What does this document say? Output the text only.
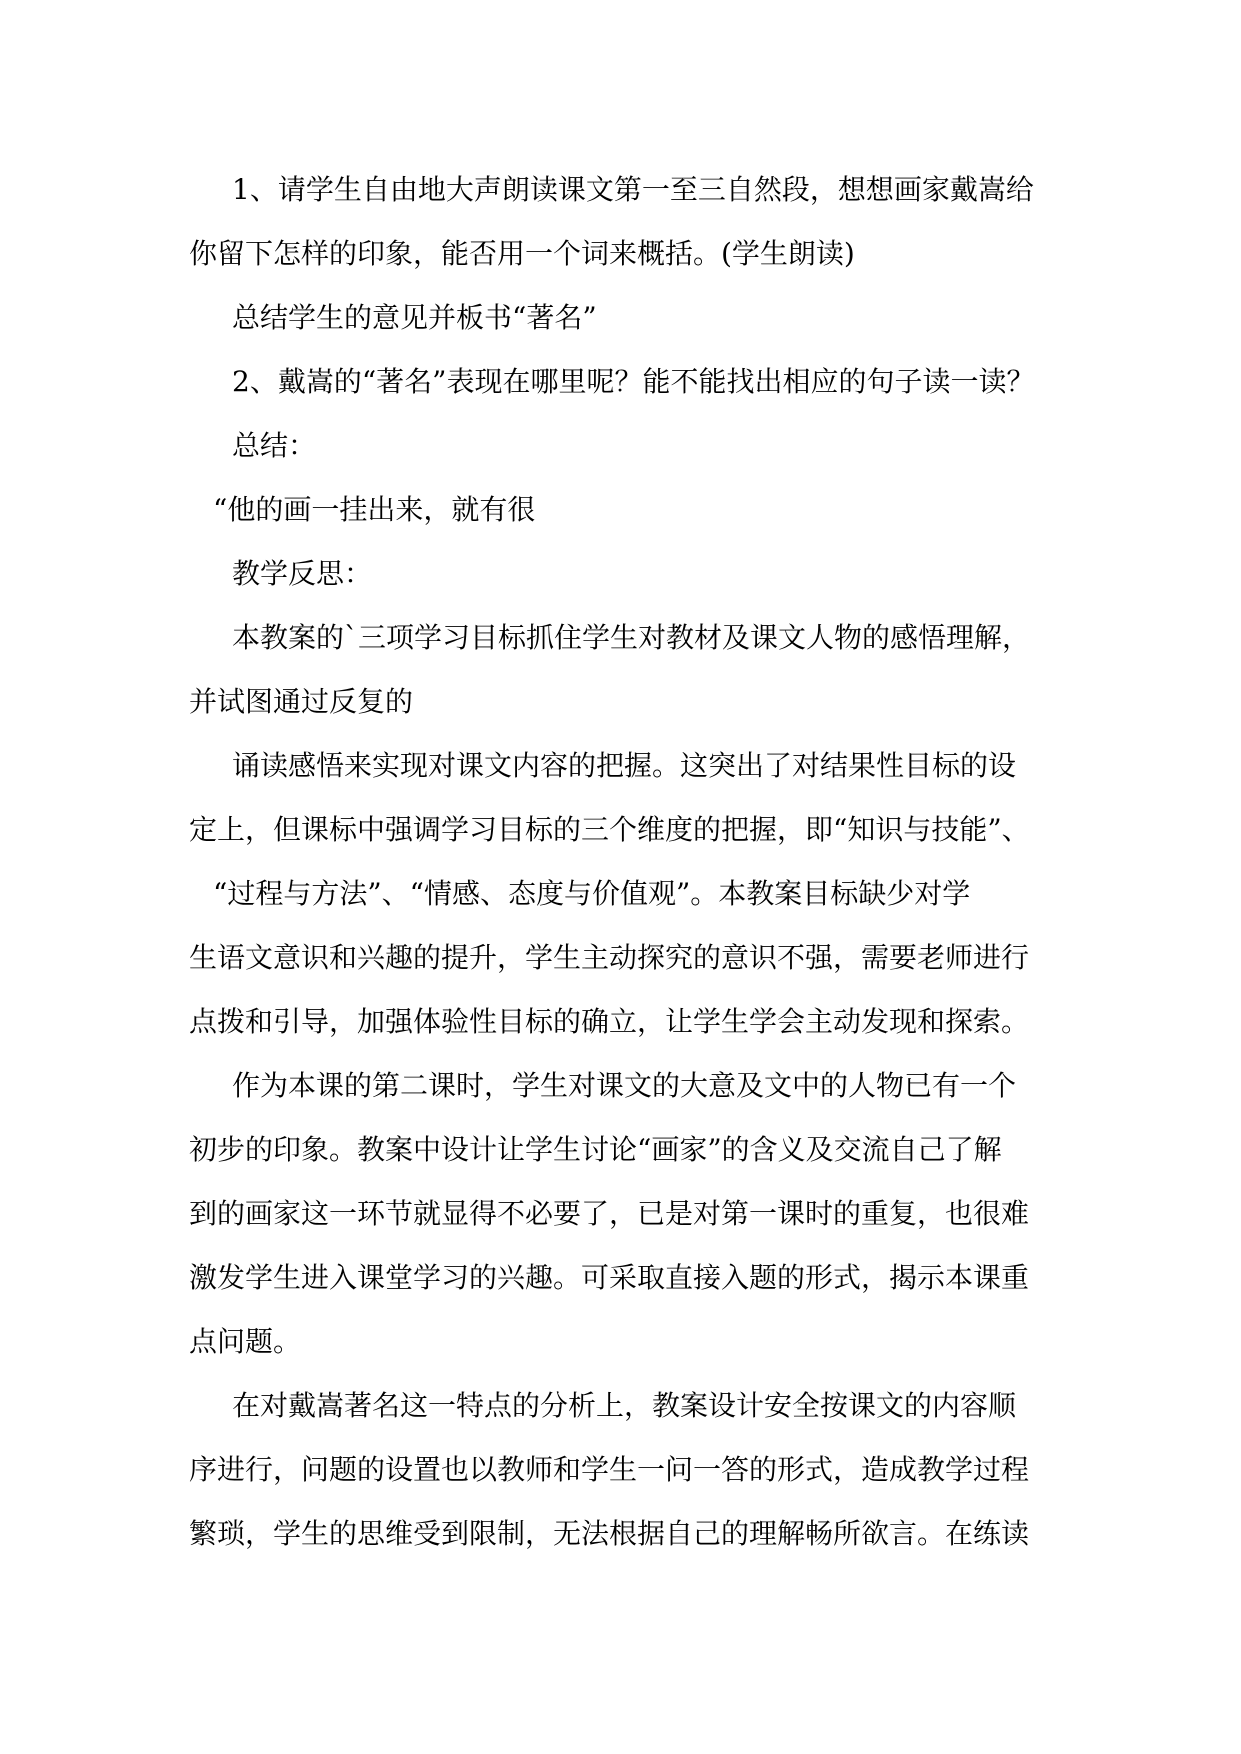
1、请学生自由地大声朗读课文第一至三自然段，想想画家戴嵩给
你留下怎样的印象，能否用一个词来概括。(学生朗读)
总结学生的意见并板书“著名”
2、戴嵩的“著名”表现在哪里呢？能不能找出相应的句子读一读？
总结：
“他的画一挂出来，就有很
教学反思：
本教案的`三项学习目标抓住学生对教材及课文人物的感悟理解，
并试图通过反复的
诵读感悟来实现对课文内容的把握。这突出了对结果性目标的设
定上，但课标中强调学习目标的三个维度的把握，即“知识与技能”、
“过程与方法”、“情感、态度与价值观”。本教案目标缺少对学
生语文意识和兴趣的提升，学生主动探究的意识不强，需要老师进行
点拨和引导，加强体验性目标的确立，让学生学会主动发现和探索。
作为本课的第二课时，学生对课文的大意及文中的人物已有一个
初步的印象。教案中设计让学生讨论“画家”的含义及交流自己了解
到的画家这一环节就显得不必要了，已是对第一课时的重复，也很难
激发学生进入课堂学习的兴趣。可采取直接入题的形式，揭示本课重
点问题。
在对戴嵩著名这一特点的分析上，教案设计安全按课文的内容顺
序进行，问题的设置也以教师和学生一问一答的形式，造成教学过程
繁琐，学生的思维受到限制，无法根据自己的理解畅所欲言。在练读
